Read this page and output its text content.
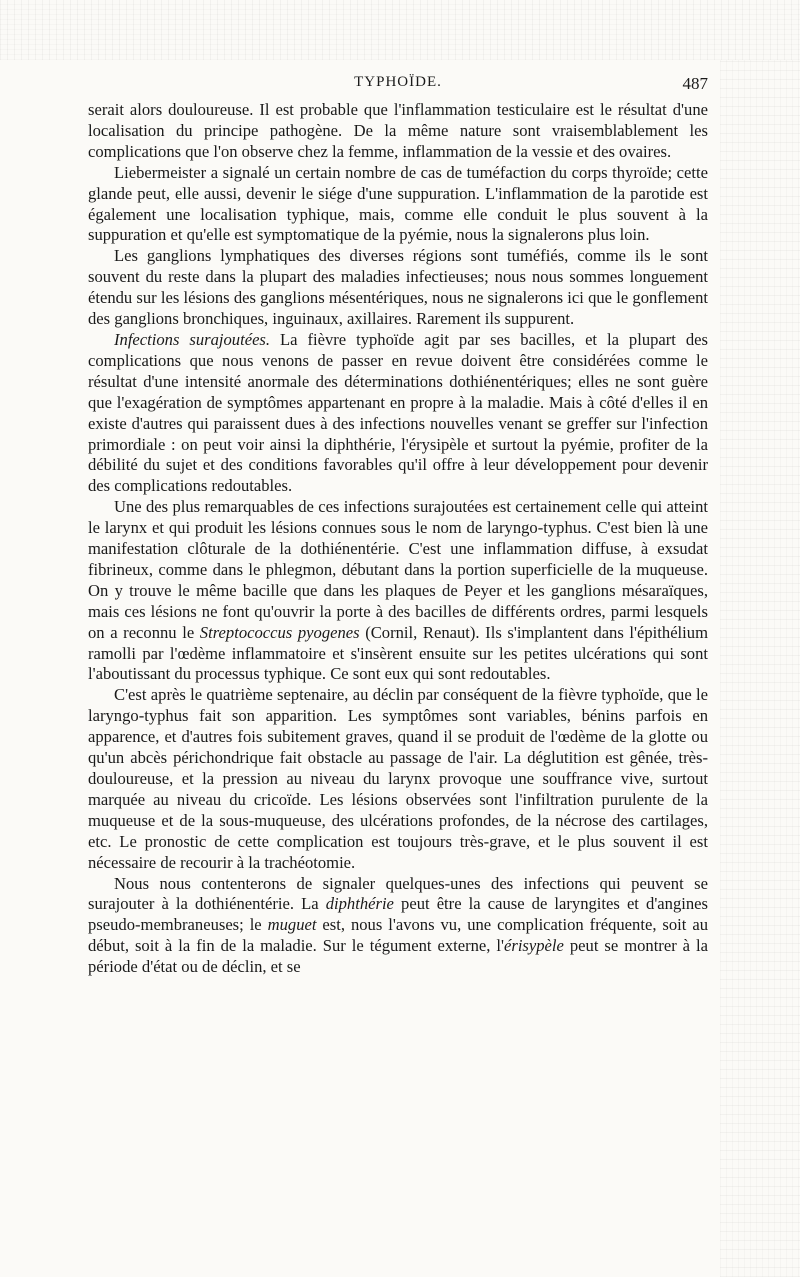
TYPHOÏDE.	487

serait alors douloureuse. Il est probable que l'inflammation testiculaire est le résultat d'une localisation du principe pathogène. De la même nature sont vraisemblablement les complications que l'on observe chez la femme, inflammation de la vessie et des ovaires.

Liebermeister a signalé un certain nombre de cas de tuméfaction du corps thyroïde; cette glande peut, elle aussi, devenir le siége d'une suppuration. L'inflammation de la parotide est également une localisation typhique, mais, comme elle conduit le plus souvent à la suppuration et qu'elle est symptomatique de la pyémie, nous la signalerons plus loin.

Les ganglions lymphatiques des diverses régions sont tuméfiés, comme ils le sont souvent du reste dans la plupart des maladies infectieuses; nous nous sommes longuement étendu sur les lésions des ganglions mésentériques, nous ne signalerons ici que le gonflement des ganglions bronchiques, inguinaux, axillaires. Rarement ils suppurent.

Infections surajoutées. La fièvre typhoïde agit par ses bacilles, et la plupart des complications que nous venons de passer en revue doivent être considérées comme le résultat d'une intensité anormale des déterminations dothiénentériques; elles ne sont guère que l'exagération de symptômes appartenant en propre à la maladie. Mais à côté d'elles il en existe d'autres qui paraissent dues à des infections nouvelles venant se greffer sur l'infection primordiale : on peut voir ainsi la diphthérie, l'érysipèle et surtout la pyémie, profiter de la débilité du sujet et des conditions favorables qu'il offre à leur développement pour devenir des complications redoutables.

Une des plus remarquables de ces infections surajoutées est certainement celle qui atteint le larynx et qui produit les lésions connues sous le nom de laryngo-typhus. C'est bien là une manifestation clôturale de la dothiénentérie. C'est une inflammation diffuse, à exsudat fibrineux, comme dans le phlegmon, débutant dans la portion superficielle de la muqueuse. On y trouve le même bacille que dans les plaques de Peyer et les ganglions mésaraïques, mais ces lésions ne font qu'ouvrir la porte à des bacilles de différents ordres, parmi lesquels on a reconnu le Streptococcus pyogenes (Cornil, Renaut). Ils s'implantent dans l'épithélium ramolli par l'œdème inflammatoire et s'insèrent ensuite sur les petites ulcérations qui sont l'aboutissant du processus typhique. Ce sont eux qui sont redoutables.

C'est après le quatrième septenaire, au déclin par conséquent de la fièvre typhoïde, que le laryngo-typhus fait son apparition. Les symptômes sont variables, bénins parfois en apparence, et d'autres fois subitement graves, quand il se produit de l'œdème de la glotte ou qu'un abcès périchondrique fait obstacle au passage de l'air. La déglutition est gênée, très-douloureuse, et la pression au niveau du larynx provoque une souffrance vive, surtout marquée au niveau du cricoïde. Les lésions observées sont l'infiltration purulente de la muqueuse et de la sous-muqueuse, des ulcérations profondes, de la nécrose des cartilages, etc. Le pronostic de cette complication est toujours très-grave, et le plus souvent il est nécessaire de recourir à la trachéotomie.

Nous nous contenterons de signaler quelques-unes des infections qui peuvent se surajouter à la dothiénentérie. La diphthérie peut être la cause de laryngites et d'angines pseudo-membraneuses; le muguet est, nous l'avons vu, une complication fréquente, soit au début, soit à la fin de la maladie. Sur le tégument externe, l'érisypèle peut se montrer à la période d'état ou de déclin, et se
